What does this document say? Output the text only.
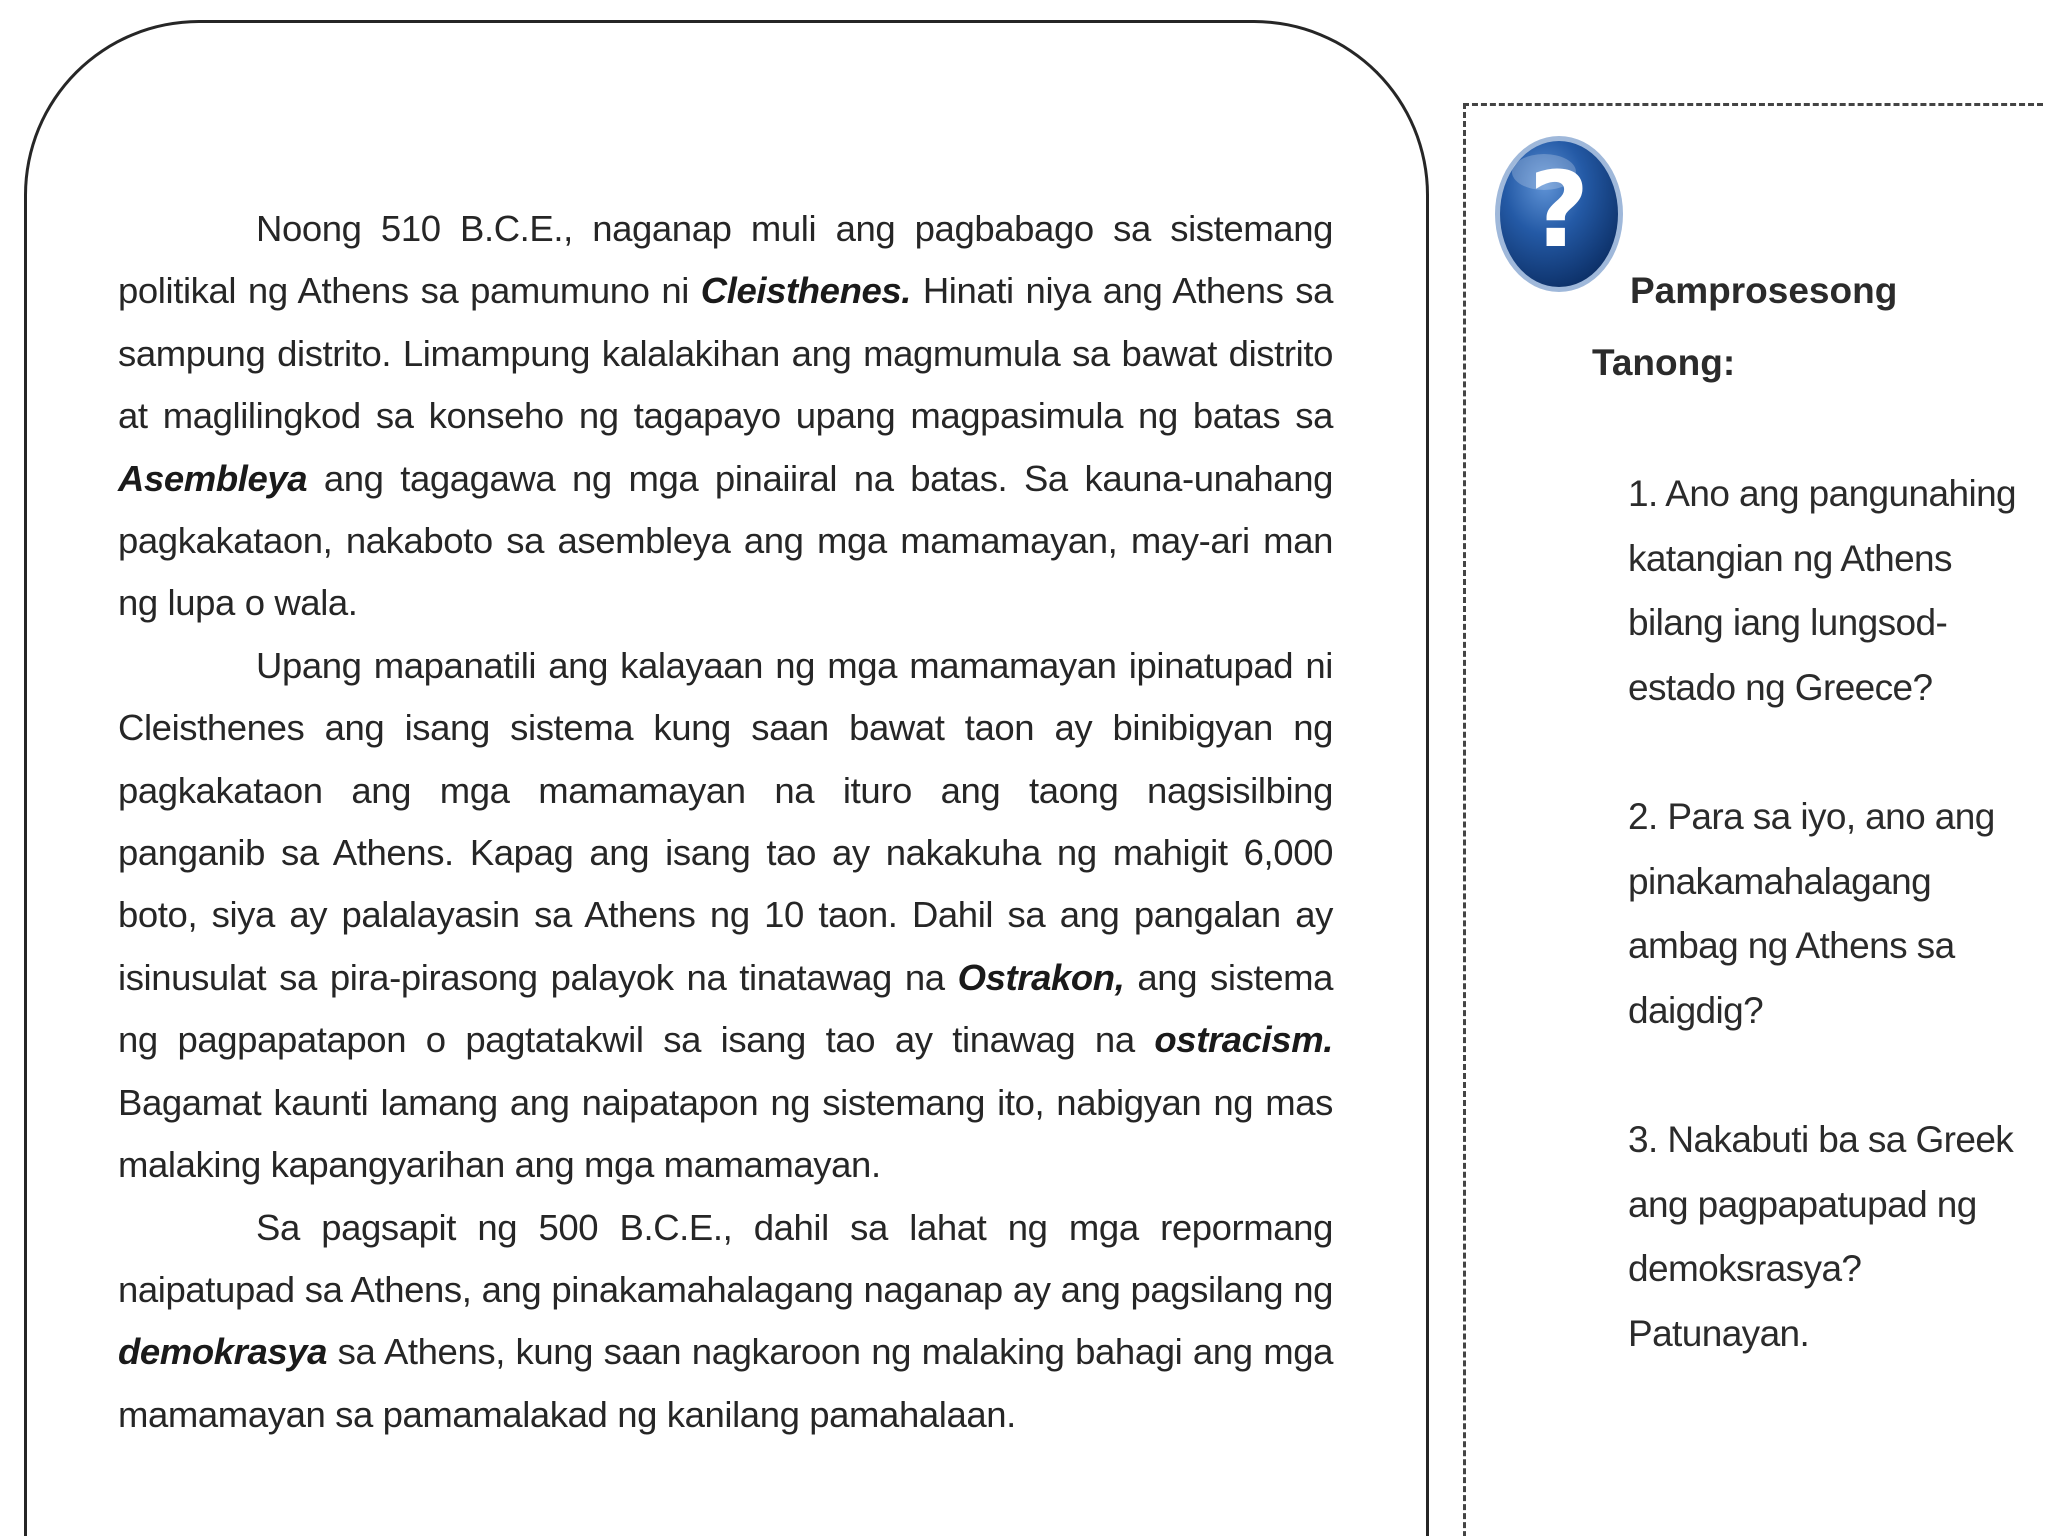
Noong 510 B.C.E., naganap muli ang pagbabago sa sistemang politikal ng Athens sa pamumuno ni Cleisthenes. Hinati niya ang Athens sa sampung distrito. Limampung kalalakihan ang magmumula sa bawat distrito at maglilingkod sa konseho ng tagapayo upang magpasimula ng batas sa Asembleya ang tagagawa ng mga pinaiiral na batas. Sa kauna-unahang pagkakataon, nakaboto sa asembleya ang mga mamamayan, may-ari man ng lupa o wala.

Upang mapanatili ang kalayaan ng mga mamamayan ipinatupad ni Cleisthenes ang isang sistema kung saan bawat taon ay binibigyan ng pagkakataon ang mga mamamayan na ituro ang taong nagsisilbing panganib sa Athens. Kapag ang isang tao ay nakakuha ng mahigit 6,000 boto, siya ay palalayasin sa Athens ng 10 taon. Dahil sa ang pangalan ay isinusulat sa pira-pirasong palayok na tinatawag na Ostrakon, ang sistema ng pagpapatapon o pagtatakwil sa isang tao ay tinawag na ostracism. Bagamat kaunti lamang ang naipatapon ng sistemang ito, nabigyan ng mas malaking kapangyarihan ang mga mamamayan.

Sa pagsapit ng 500 B.C.E., dahil sa lahat ng mga repormang naipatupad sa Athens, ang pinakamahalagang naganap ay ang pagsilang ng demokrasya sa Athens, kung saan nagkaroon ng malaking bahagi ang mga mamamayan sa pamamalakad ng kanilang pamahalaan.

?
Pamprosesong
Tanong:
1. Ano ang pangunahing katangian ng Athens bilang iang lungsod-estado ng Greece?
2. Para sa iyo, ano ang pinakamahalagang ambag ng Athens sa daigdig?
3. Nakabuti ba sa Greek ang pagpapatupad ng demoksrasya? Patunayan.
